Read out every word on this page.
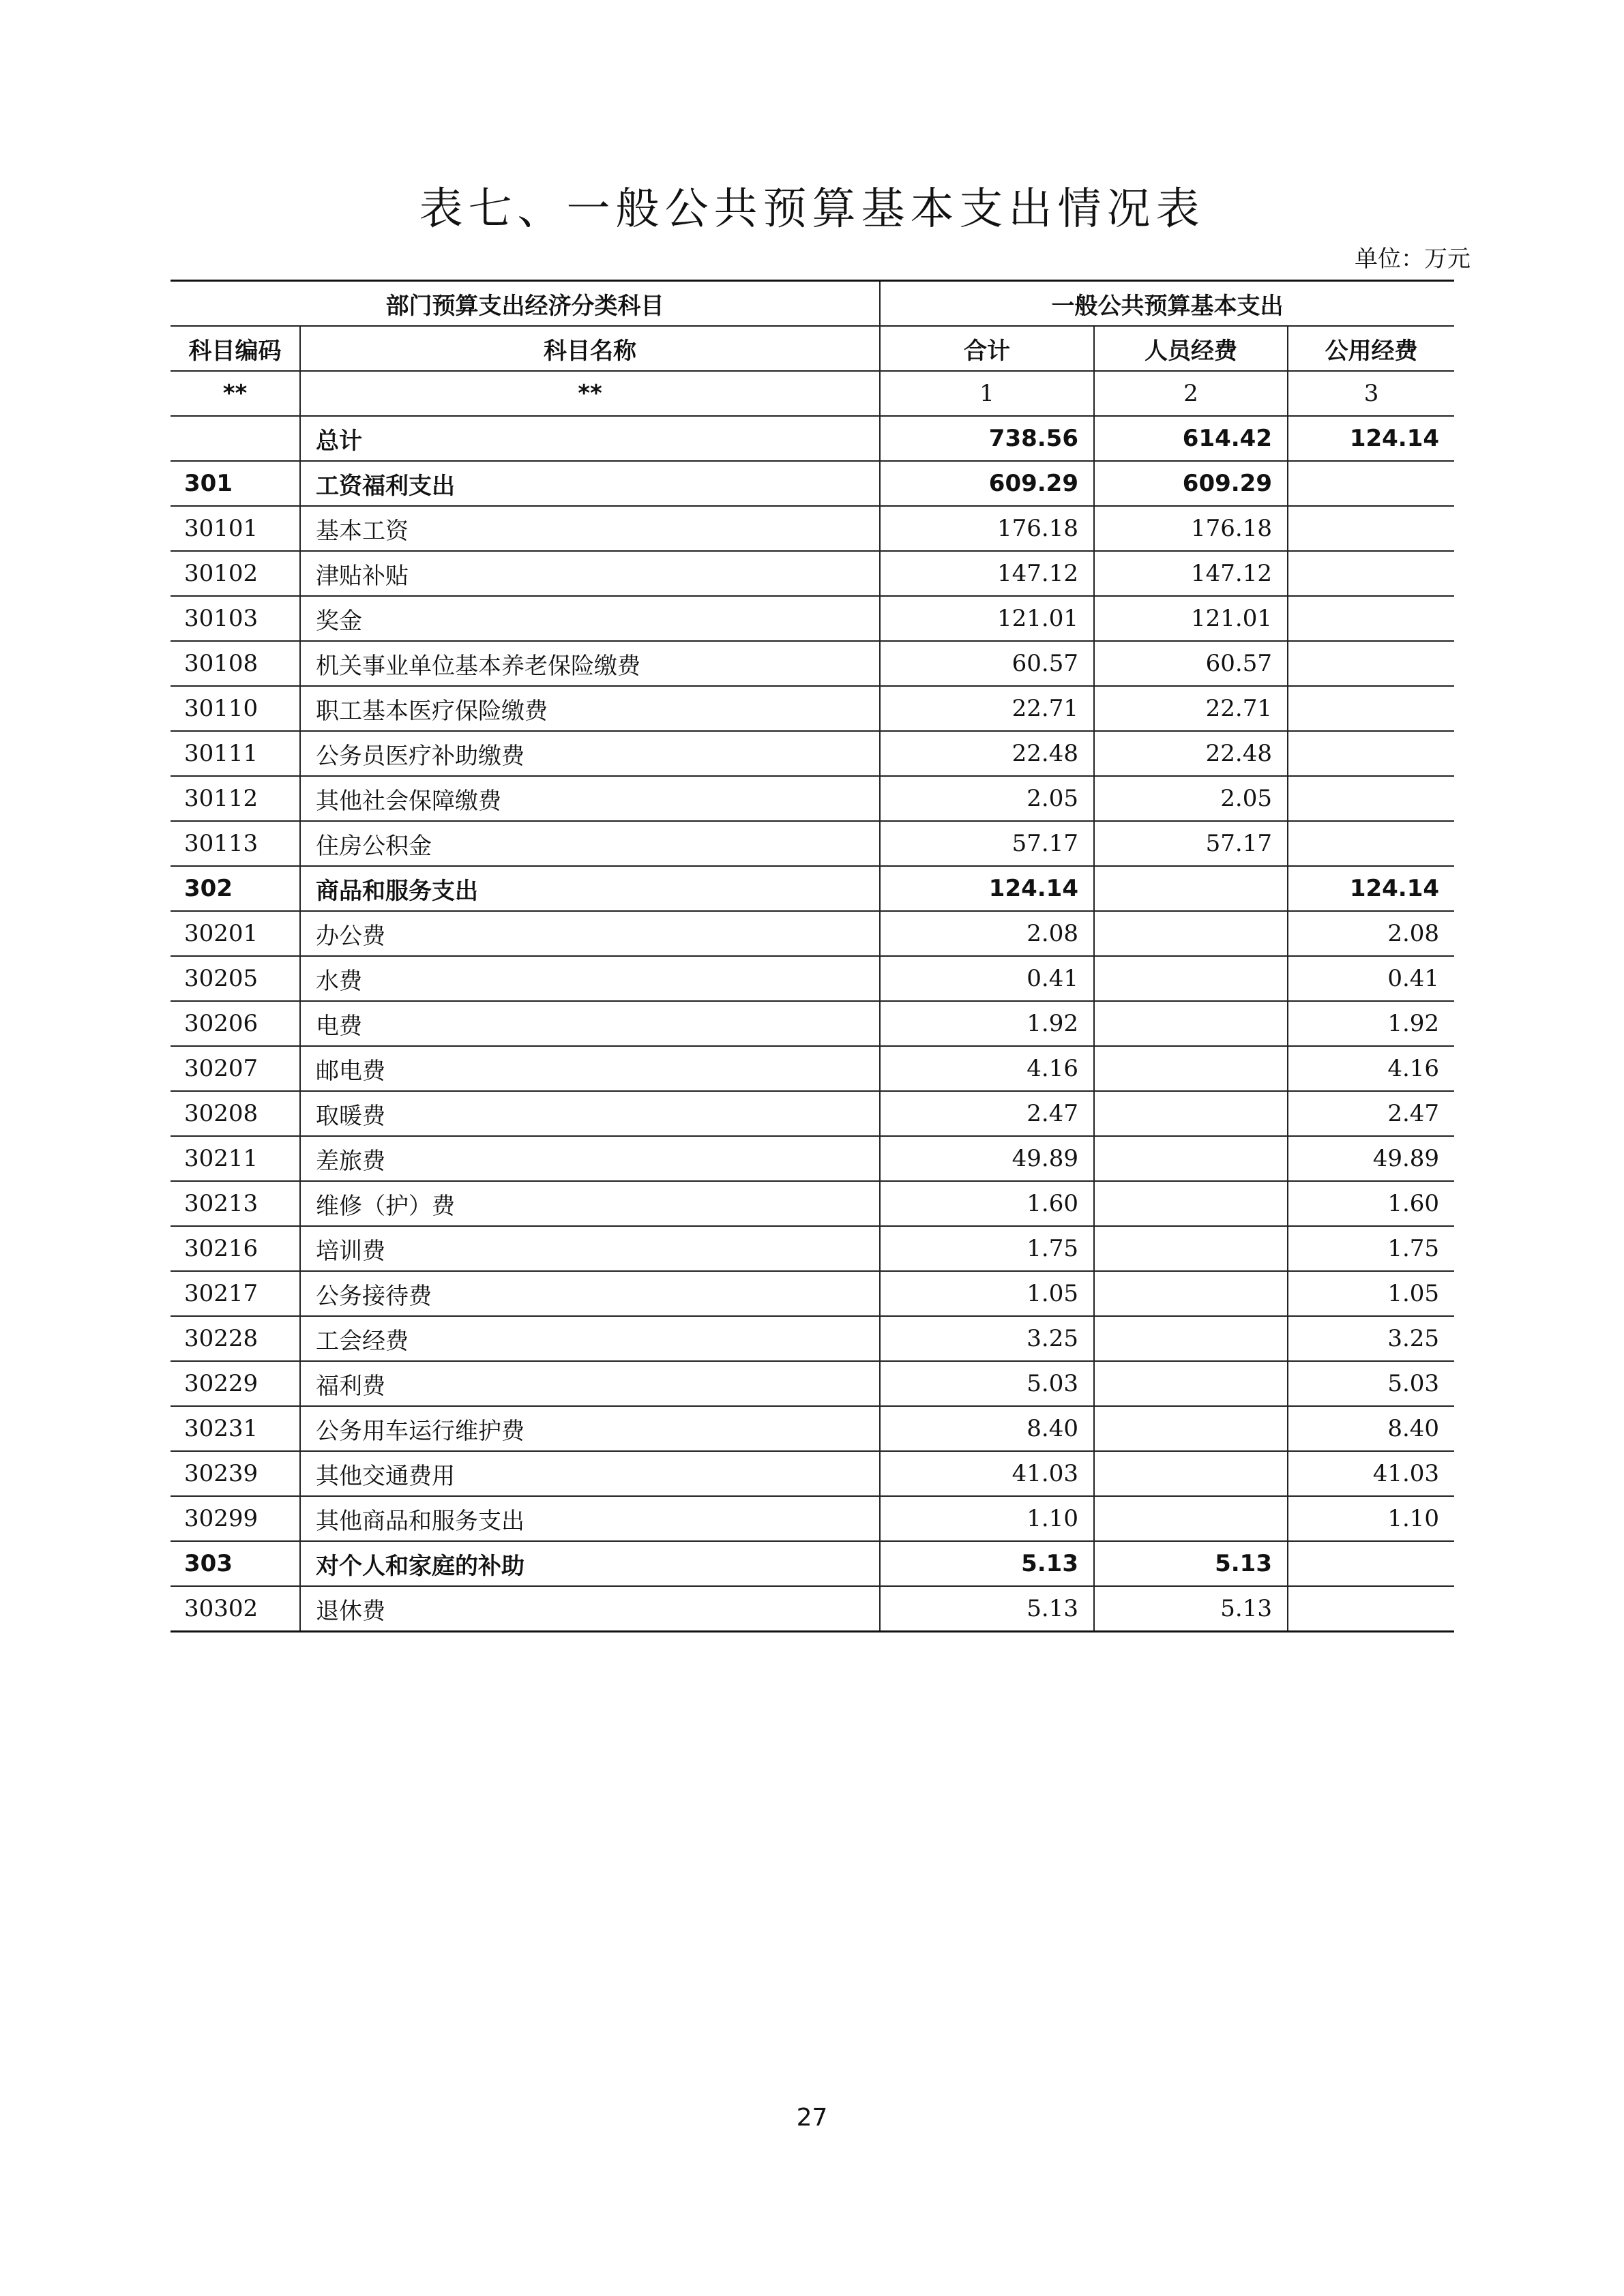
表七、一般公共预算基本支出情况表
单位：万元
部门预算支出经济分类科目		一般公共预算基本支出		
科目编码	科目名称	合计	人员经费	公用经费
**	**	1	2	3
	总计	738.56	614.42	124.14
301	工资福利支出	609.29	609.29	
30101	基本工资	176.18	176.18	
30102	津贴补贴	147.12	147.12	
30103	奖金	121.01	121.01	
30108	机关事业单位基本养老保险缴费	60.57	60.57	
30110	职工基本医疗保险缴费	22.71	22.71	
30111	公务员医疗补助缴费	22.48	22.48	
30112	其他社会保障缴费	2.05	2.05	
30113	住房公积金	57.17	57.17	
302	商品和服务支出	124.14		124.14
30201	办公费	2.08		2.08
30205	水费	0.41		0.41
30206	电费	1.92		1.92
30207	邮电费	4.16		4.16
30208	取暖费	2.47		2.47
30211	差旅费	49.89		49.89
30213	维修（护）费	1.60		1.60
30216	培训费	1.75		1.75
30217	公务接待费	1.05		1.05
30228	工会经费	3.25		3.25
30229	福利费	5.03		5.03
30231	公务用车运行维护费	8.40		8.40
30239	其他交通费用	41.03		41.03
30299	其他商品和服务支出	1.10		1.10
303	对个人和家庭的补助	5.13	5.13	
30302	退休费	5.13	5.13	
27
